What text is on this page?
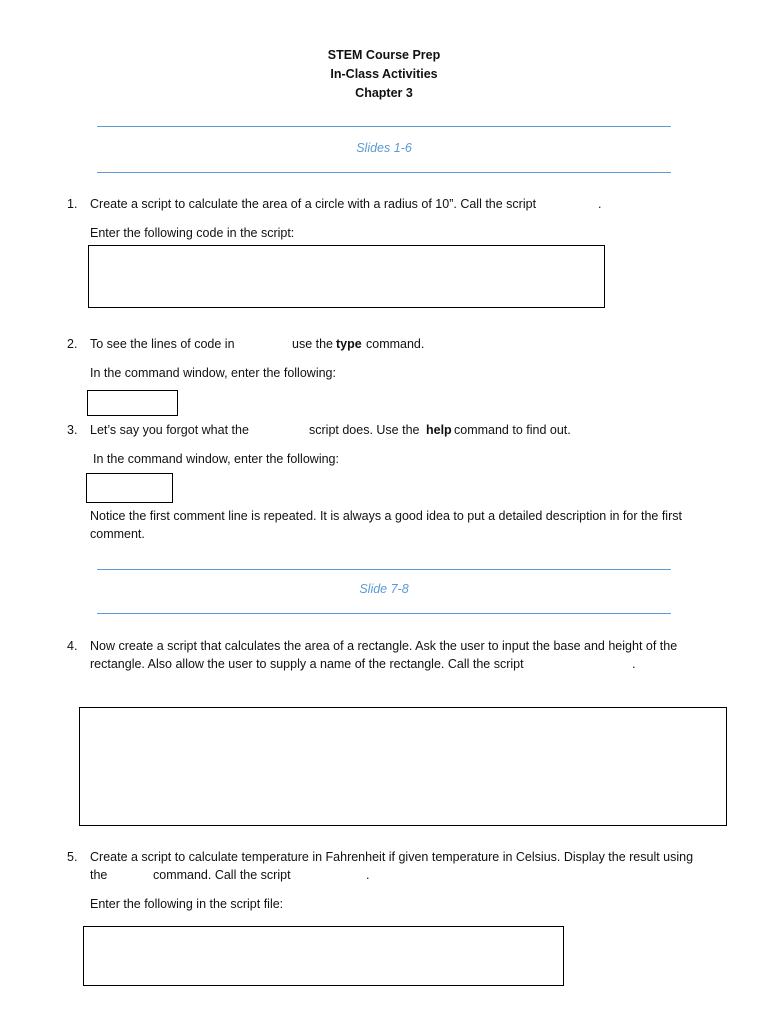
STEM Course Prep
In-Class Activities
Chapter 3
Slides 1-6
1. Create a script to calculate the area of a circle with a radius of 10”. Call the script	.
Enter the following code in the script:
2. To see the lines of code in	use the type command.
In the command window, enter the following:
3. Let’s say you forgot what the	script does. Use the help command to find out.
In the command window, enter the following:
Notice the first comment line is repeated. It is always a good idea to put a detailed description in for the first
comment.
Slide 7-8
4. Now create a script that calculates the area of a rectangle. Ask the user to input the base and height of the
rectangle. Also allow the user to supply a name of the rectangle. Call the script	.
5. Create a script to calculate temperature in Fahrenheit if given temperature in Celsius. Display the result using
the	command. Call the script	.
Enter the following in the script file:
